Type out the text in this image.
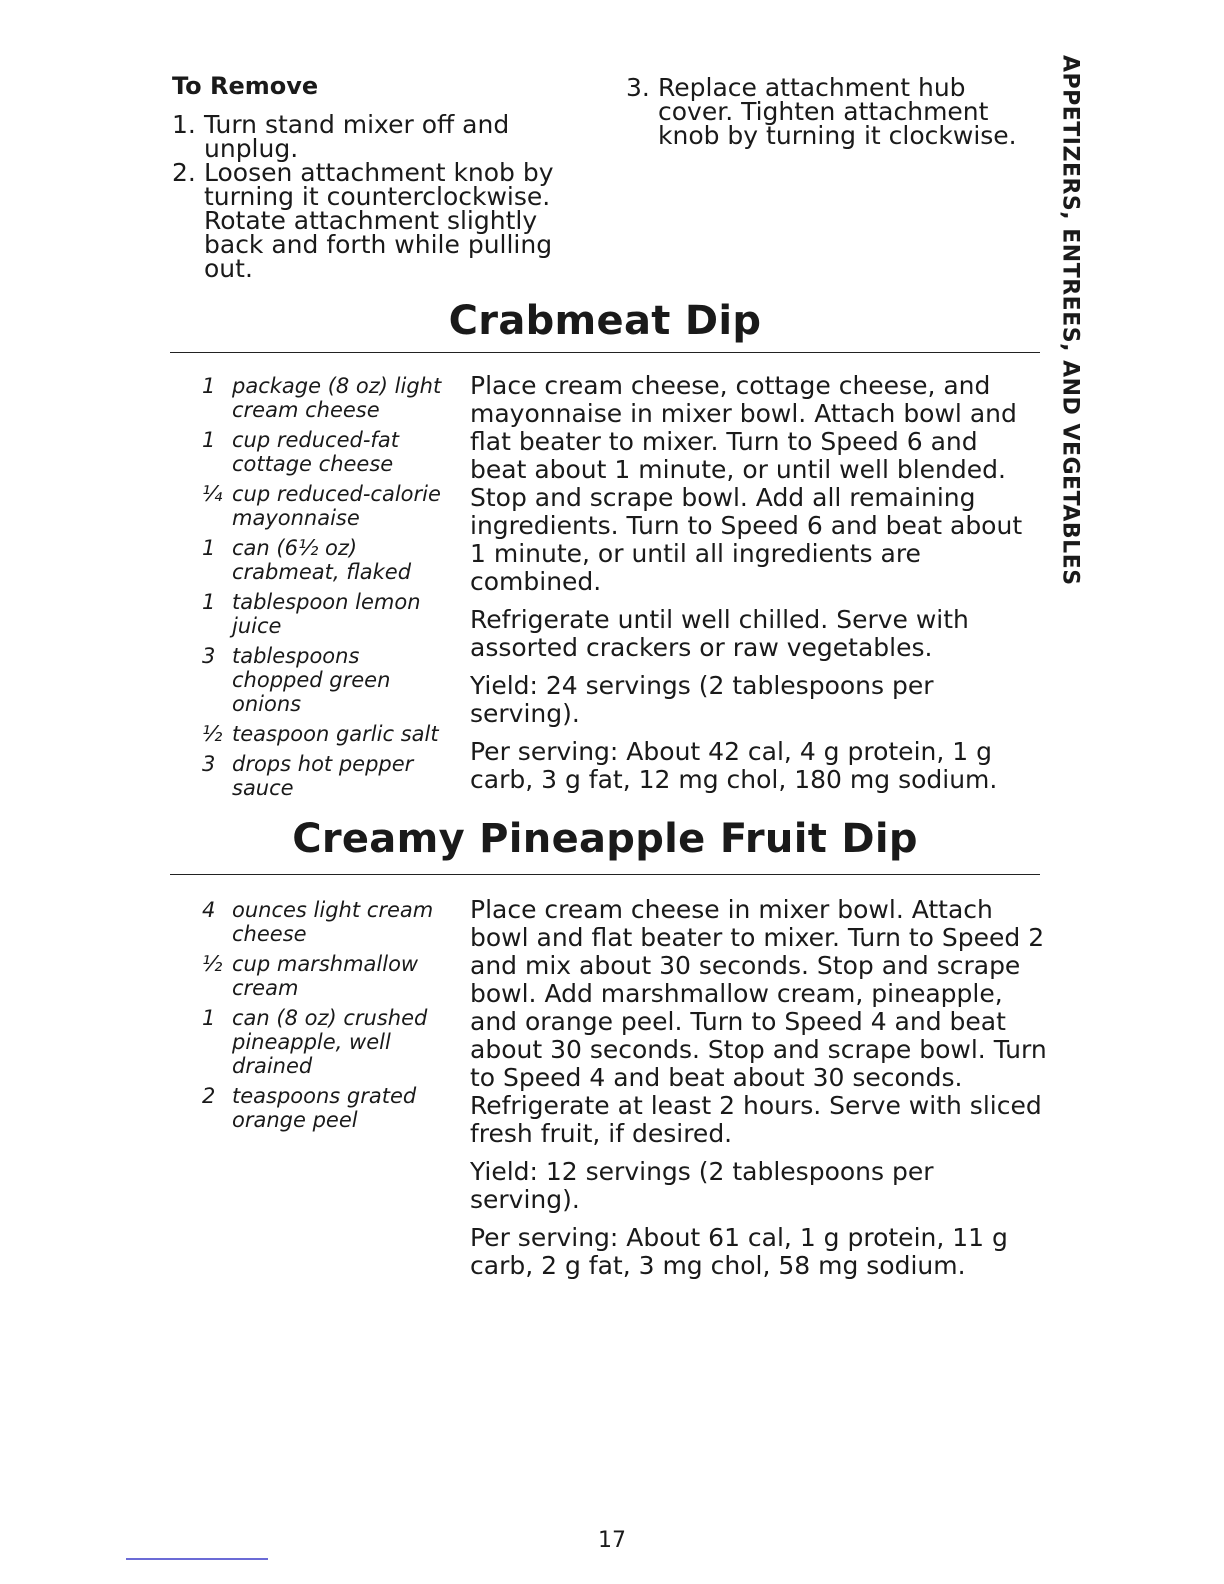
To Remove
1. Turn stand mixer off and unplug.
2. Loosen attachment knob by turning it counterclockwise. Rotate attachment slightly back and forth while pulling out.
3. Replace attachment hub cover. Tighten attachment knob by turning it clockwise.	APPETIZERS, ENTREES, AND VEGETABLES
Crabmeat Dip
1 package (8 oz) light cream cheese
1 cup reduced-fat cottage cheese
¼ cup reduced-calorie mayonnaise
1 can (6½ oz) crabmeat, flaked
1 tablespoon lemon juice
3 tablespoons chopped green onions
½ teaspoon garlic salt
3 drops hot pepper sauce

Place cream cheese, cottage cheese, and mayonnaise in mixer bowl. Attach bowl and flat beater to mixer. Turn to Speed 6 and beat about 1 minute, or until well blended. Stop and scrape bowl. Add all remaining ingredients. Turn to Speed 6 and beat about 1 minute, or until all ingredients are combined.

Refrigerate until well chilled. Serve with assorted crackers or raw vegetables.

Yield: 24 servings (2 tablespoons per serving).

Per serving: About 42 cal, 4 g protein, 1 g carb, 3 g fat, 12 mg chol, 180 mg sodium.

Creamy Pineapple Fruit Dip
4 ounces light cream cheese
½ cup marshmallow cream
1 can (8 oz) crushed pineapple, well drained
2 teaspoons grated orange peel

Place cream cheese in mixer bowl. Attach bowl and flat beater to mixer. Turn to Speed 2 and mix about 30 seconds. Stop and scrape bowl. Add marshmallow cream, pineapple, and orange peel. Turn to Speed 4 and beat about 30 seconds. Stop and scrape bowl. Turn to Speed 4 and beat about 30 seconds. Refrigerate at least 2 hours. Serve with sliced fresh fruit, if desired.

Yield: 12 servings (2 tablespoons per serving).

Per serving: About 61 cal, 1 g protein, 11 g carb, 2 g fat, 3 mg chol, 58 mg sodium.

17
